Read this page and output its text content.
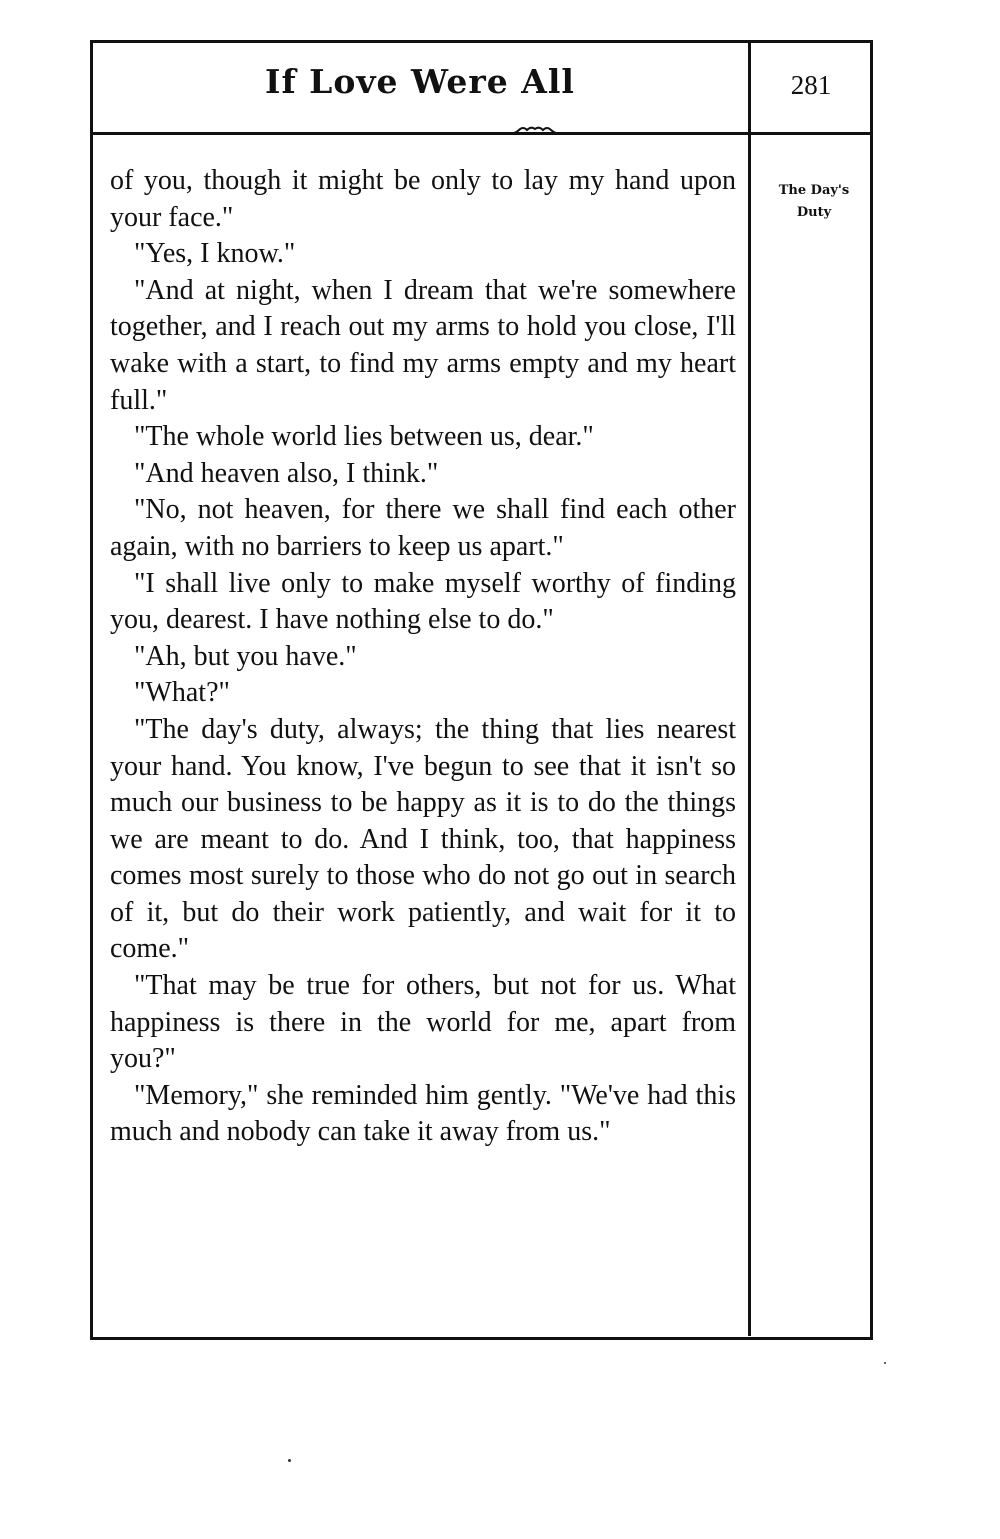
If Love Were All	281
The Day's
Duty

of you, though it might be only to lay my hand upon your face."

"Yes, I know."

"And at night, when I dream that we're somewhere together, and I reach out my arms to hold you close, I'll wake with a start, to find my arms empty and my heart full."

"The whole world lies between us, dear."

"And heaven also, I think."

"No, not heaven, for there we shall find each other again, with no barriers to keep us apart."

"I shall live only to make myself worthy of finding you, dearest. I have nothing else to do."

"Ah, but you have."

"What?"

"The day's duty, always; the thing that lies nearest your hand. You know, I've begun to see that it isn't so much our business to be happy as it is to do the things we are meant to do. And I think, too, that happiness comes most surely to those who do not go out in search of it, but do their work patiently, and wait for it to come."

"That may be true for others, but not for us. What happiness is there in the world for me, apart from you?"

"Memory," she reminded him gently. "We've had this much and nobody can take it away from us."
